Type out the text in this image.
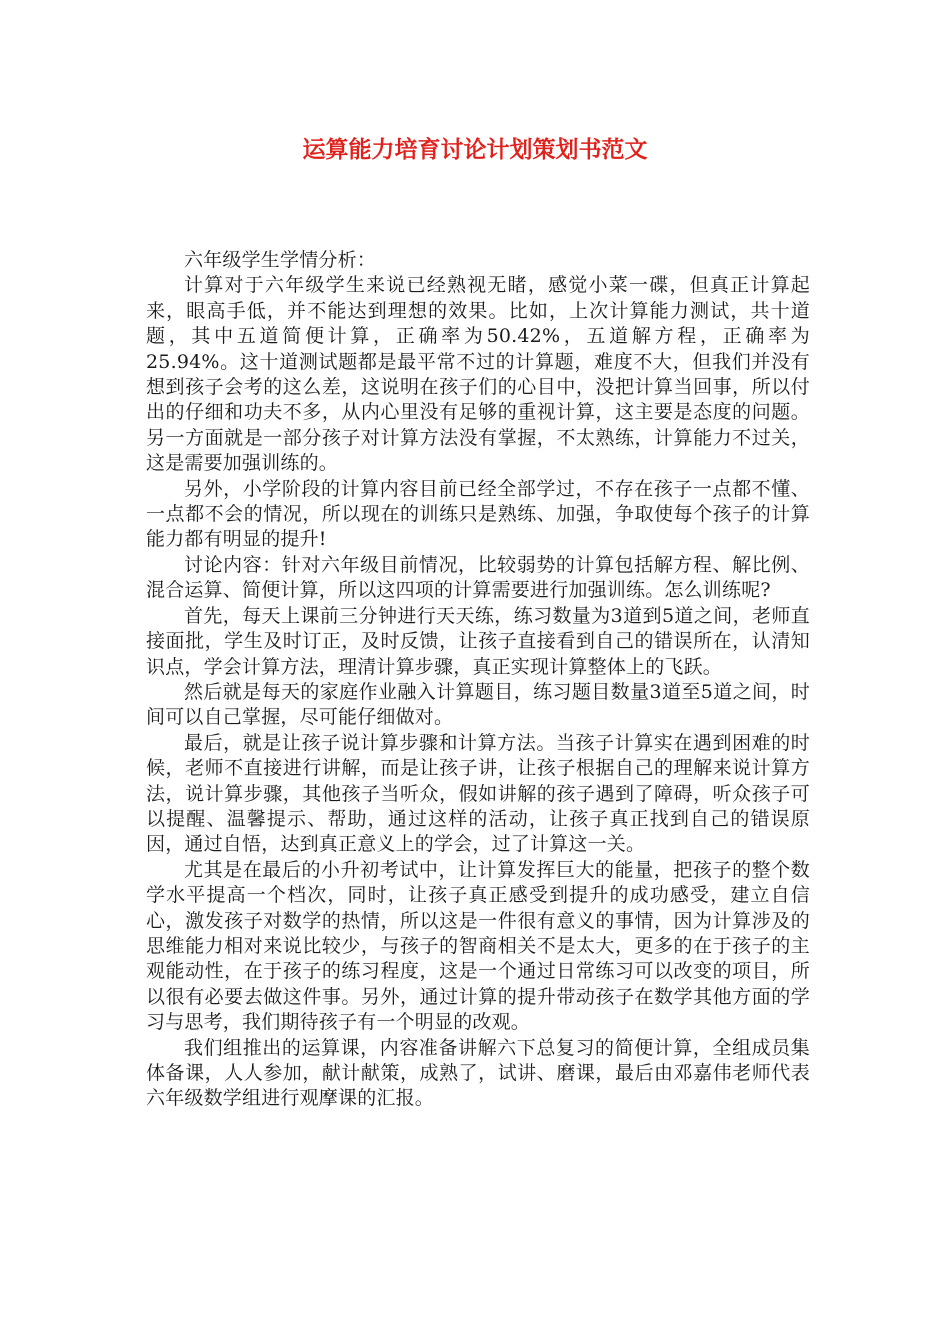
运算能力培育讨论计划策划书范文

六年级学生学情分析：

计算对于六年级学生来说已经熟视无睹，感觉小菜一碟，但真正计算起来，眼高手低，并不能达到理想的效果。比如，上次计算能力测试，共十道题，其中五道简便计算，正确率为50.42%，五道解方程，正确率为25.94%。这十道测试题都是最平常不过的计算题，难度不大，但我们并没有想到孩子会考的这么差，这说明在孩子们的心目中，没把计算当回事，所以付出的仔细和功夫不多，从内心里没有足够的重视计算，这主要是态度的问题。另一方面就是一部分孩子对计算方法没有掌握，不太熟练，计算能力不过关，这是需要加强训练的。

另外，小学阶段的计算内容目前已经全部学过，不存在孩子一点都不懂、一点都不会的情况，所以现在的训练只是熟练、加强，争取使每个孩子的计算能力都有明显的提升!

讨论内容：针对六年级目前情况，比较弱势的计算包括解方程、解比例、混合运算、简便计算，所以这四项的计算需要进行加强训练。怎么训练呢?

首先，每天上课前三分钟进行天天练，练习数量为3道到5道之间，老师直接面批，学生及时订正，及时反馈，让孩子直接看到自己的错误所在，认清知识点，学会计算方法，理清计算步骤，真正实现计算整体上的飞跃。

然后就是每天的家庭作业融入计算题目，练习题目数量3道至5道之间，时间可以自己掌握，尽可能仔细做对。

最后，就是让孩子说计算步骤和计算方法。当孩子计算实在遇到困难的时候，老师不直接进行讲解，而是让孩子讲，让孩子根据自己的理解来说计算方法，说计算步骤，其他孩子当听众，假如讲解的孩子遇到了障碍，听众孩子可以提醒、温馨提示、帮助，通过这样的活动，让孩子真正找到自己的错误原因，通过自悟，达到真正意义上的学会，过了计算这一关。

尤其是在最后的小升初考试中，让计算发挥巨大的能量，把孩子的整个数学水平提高一个档次，同时，让孩子真正感受到提升的成功感受，建立自信心，激发孩子对数学的热情，所以这是一件很有意义的事情，因为计算涉及的思维能力相对来说比较少，与孩子的智商相关不是太大，更多的在于孩子的主观能动性，在于孩子的练习程度，这是一个通过日常练习可以改变的项目，所以很有必要去做这件事。另外，通过计算的提升带动孩子在数学其他方面的学习与思考，我们期待孩子有一个明显的改观。

我们组推出的运算课，内容准备讲解六下总复习的简便计算，全组成员集体备课，人人参加，献计献策，成熟了，试讲、磨课，最后由邓嘉伟老师代表六年级数学组进行观摩课的汇报。
